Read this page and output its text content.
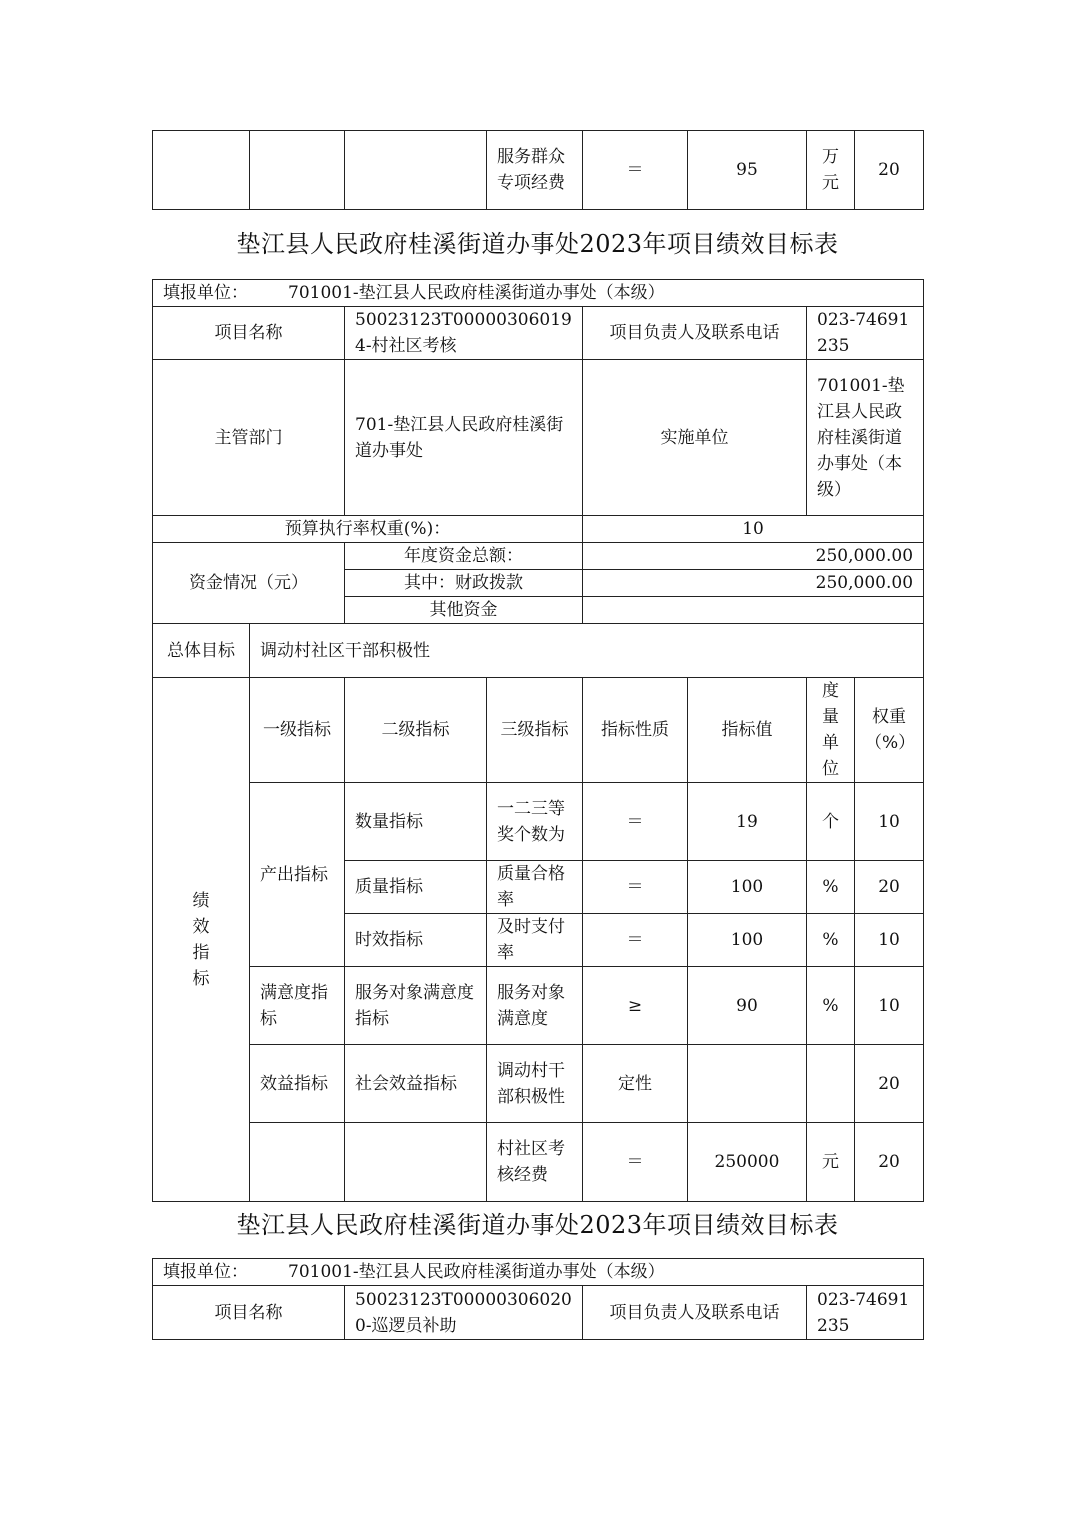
			服务群众专项经费	＝	95	万元	20
垫江县人民政府桂溪街道办事处2023年项目绩效目标表
填报单位： 701001-垫江县人民政府桂溪街道办事处（本级）							
项目名称		50023123T000003060194-村社区考核		项目负责人及联系电话		023-74691235	
主管部门		701-垫江县人民政府桂溪街道办事处		实施单位		701001-垫江县人民政府桂溪街道办事处（本级）	
预算执行率权重(%)：				10			
资金情况（元）		年度资金总额：		250,000.00			
		其中：财政拨款		250,000.00			
		其他资金					
总体目标	调动村社区干部积极性						
绩效指标	一级指标	二级指标	三级指标	指标性质	指标值	度量单位	权重（%）
	产出指标	数量指标	一二三等奖个数为	＝	19	个	10
		质量指标	质量合格率	＝	100	%	20
		时效指标	及时支付率	＝	100	%	10
	满意度指标	服务对象满意度指标	服务对象满意度	≥	90	%	10
	效益指标	社会效益指标	调动村干部积极性	定性			20
			村社区考核经费	＝	250000	元	20
垫江县人民政府桂溪街道办事处2023年项目绩效目标表
填报单位： 701001-垫江县人民政府桂溪街道办事处（本级）
项目名称	50023123T000003060200-巡逻员补助	项目负责人及联系电话	023-74691235
